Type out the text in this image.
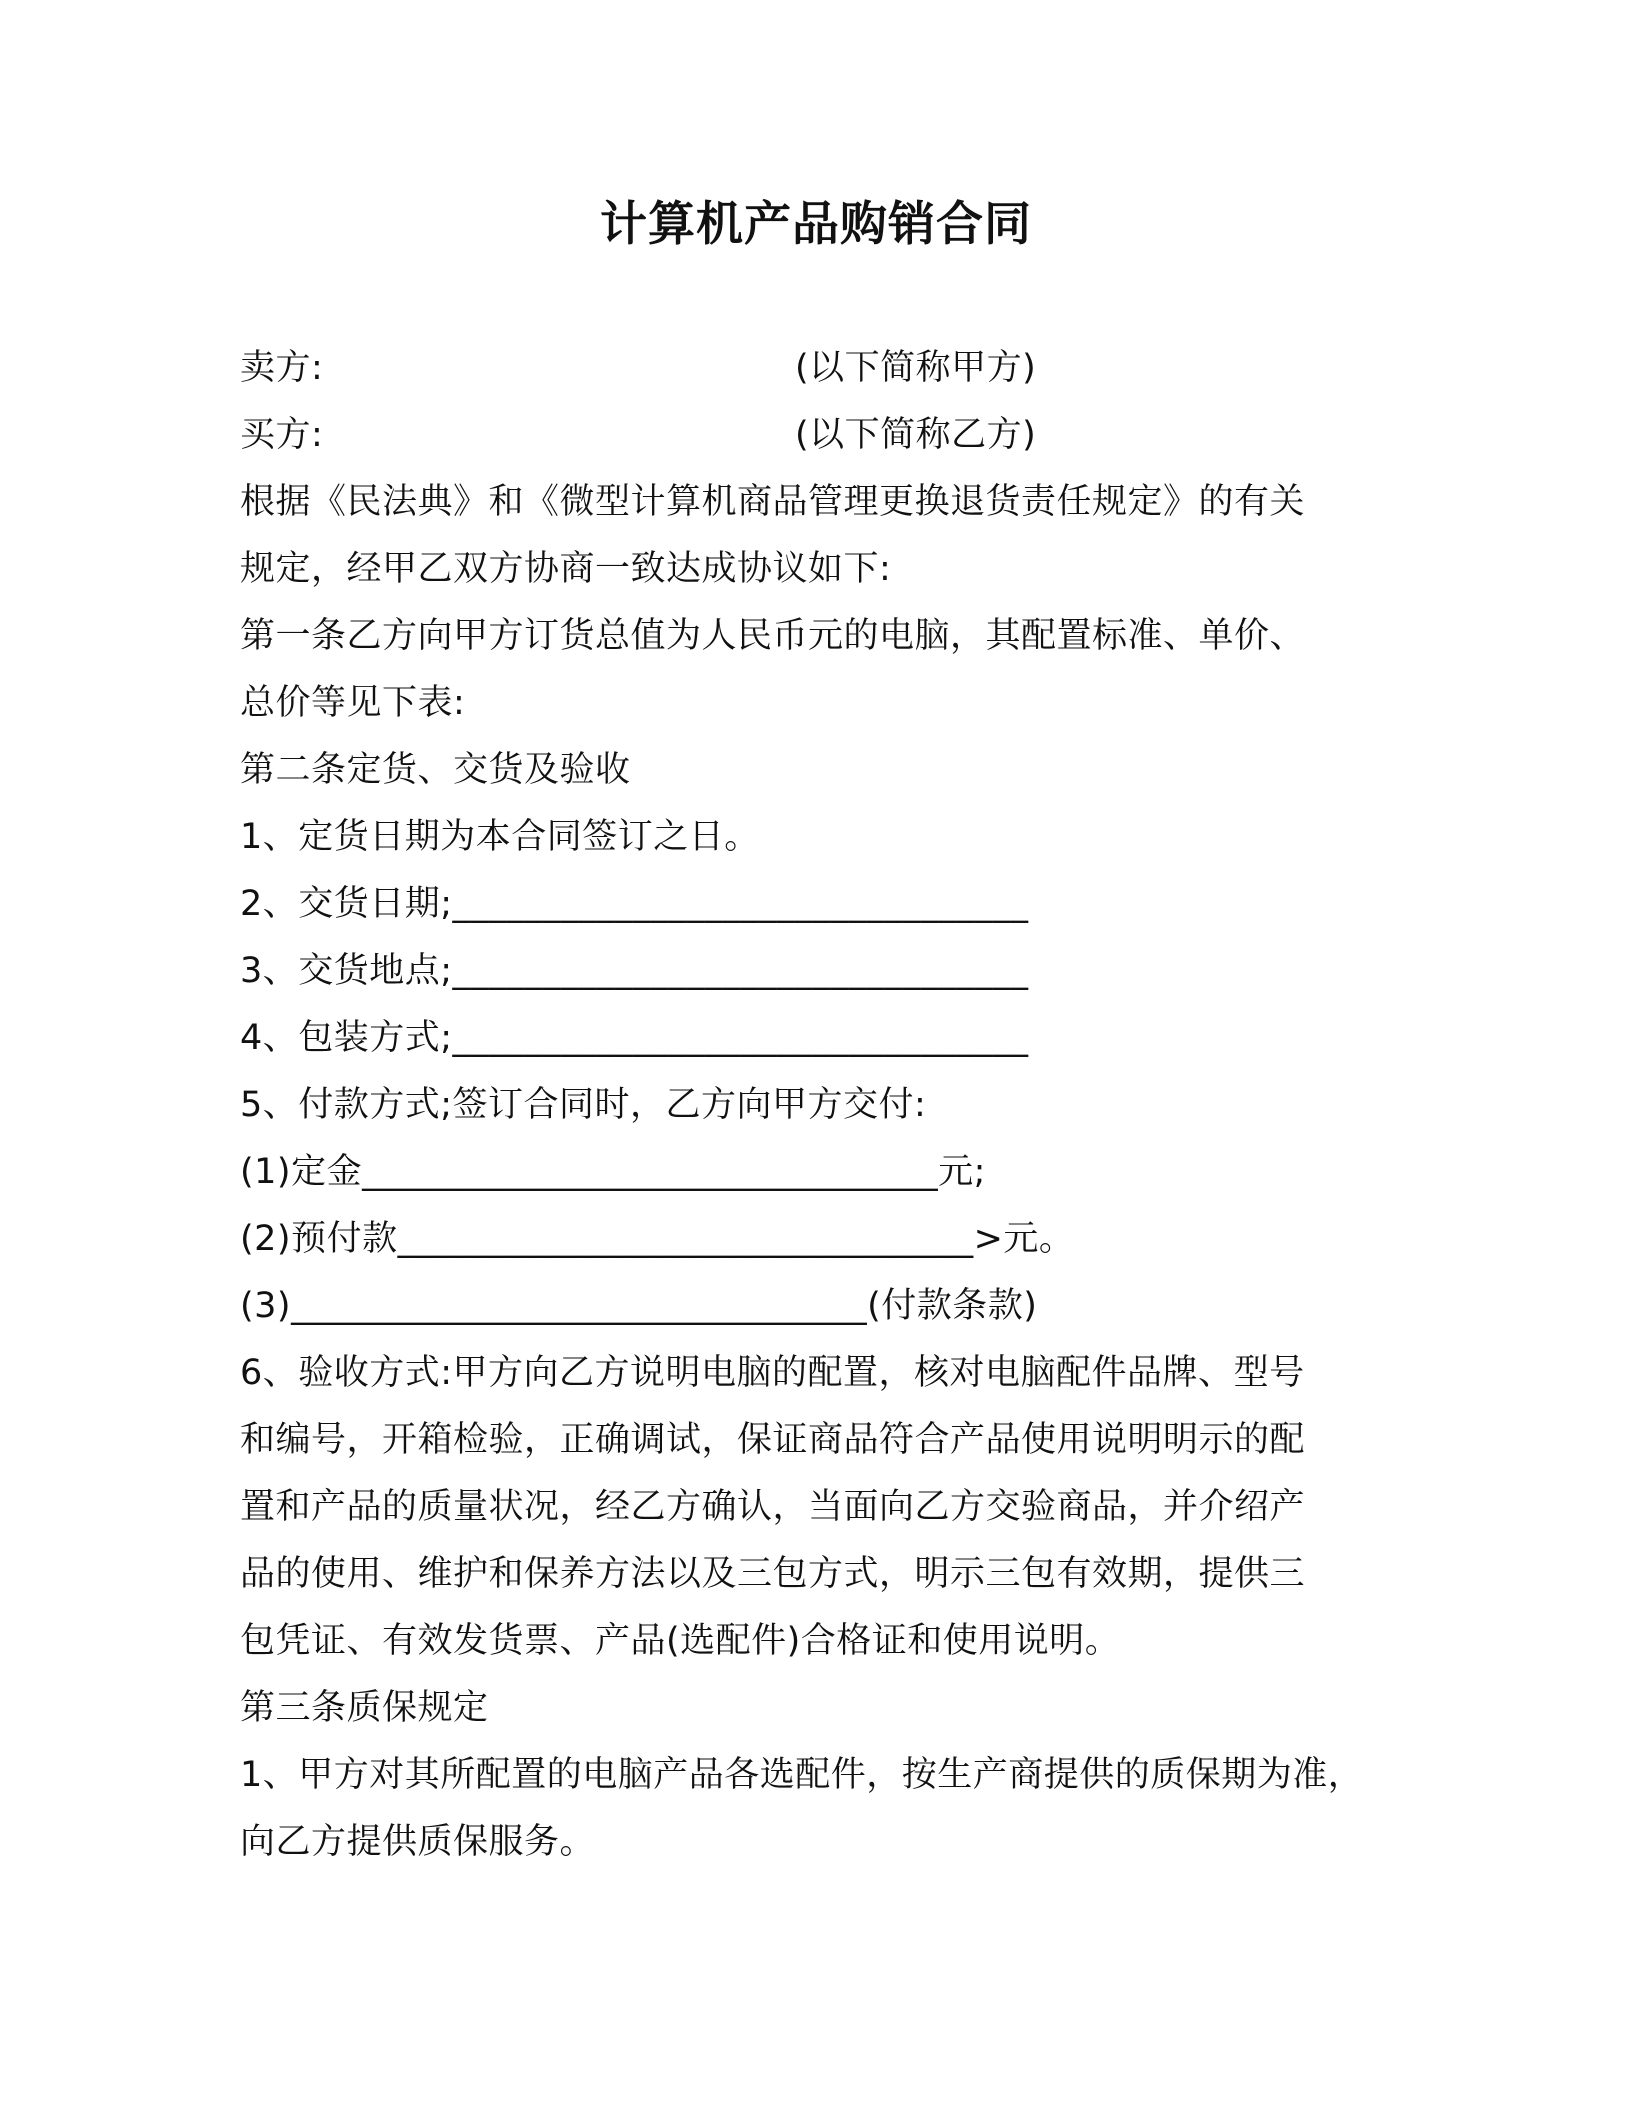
计算机产品购销合同
卖方:	(以下简称甲方)
买方:	(以下简称乙方)
根据《民法典》和《微型计算机商品管理更换退货责任规定》的有关
规定，经甲乙双方协商一致达成协议如下:
第一条乙方向甲方订货总值为人民币元的电脑，其配置标准、单价、
总价等见下表:
第二条定货、交货及验收
1、定货日期为本合同签订之日。
2、交货日期;________________________________
3、交货地点;________________________________
4、包装方式;________________________________
5、付款方式;签订合同时，乙方向甲方交付:
(1)定金________________________________元;
(2)预付款________________________________>元。
(3)________________________________(付款条款)
6、验收方式:甲方向乙方说明电脑的配置，核对电脑配件品牌、型号
和编号，开箱检验，正确调试，保证商品符合产品使用说明明示的配
置和产品的质量状况，经乙方确认，当面向乙方交验商品，并介绍产
品的使用、维护和保养方法以及三包方式，明示三包有效期，提供三
包凭证、有效发货票、产品(选配件)合格证和使用说明。
第三条质保规定
1、甲方对其所配置的电脑产品各选配件，按生产商提供的质保期为准，
向乙方提供质保服务。
